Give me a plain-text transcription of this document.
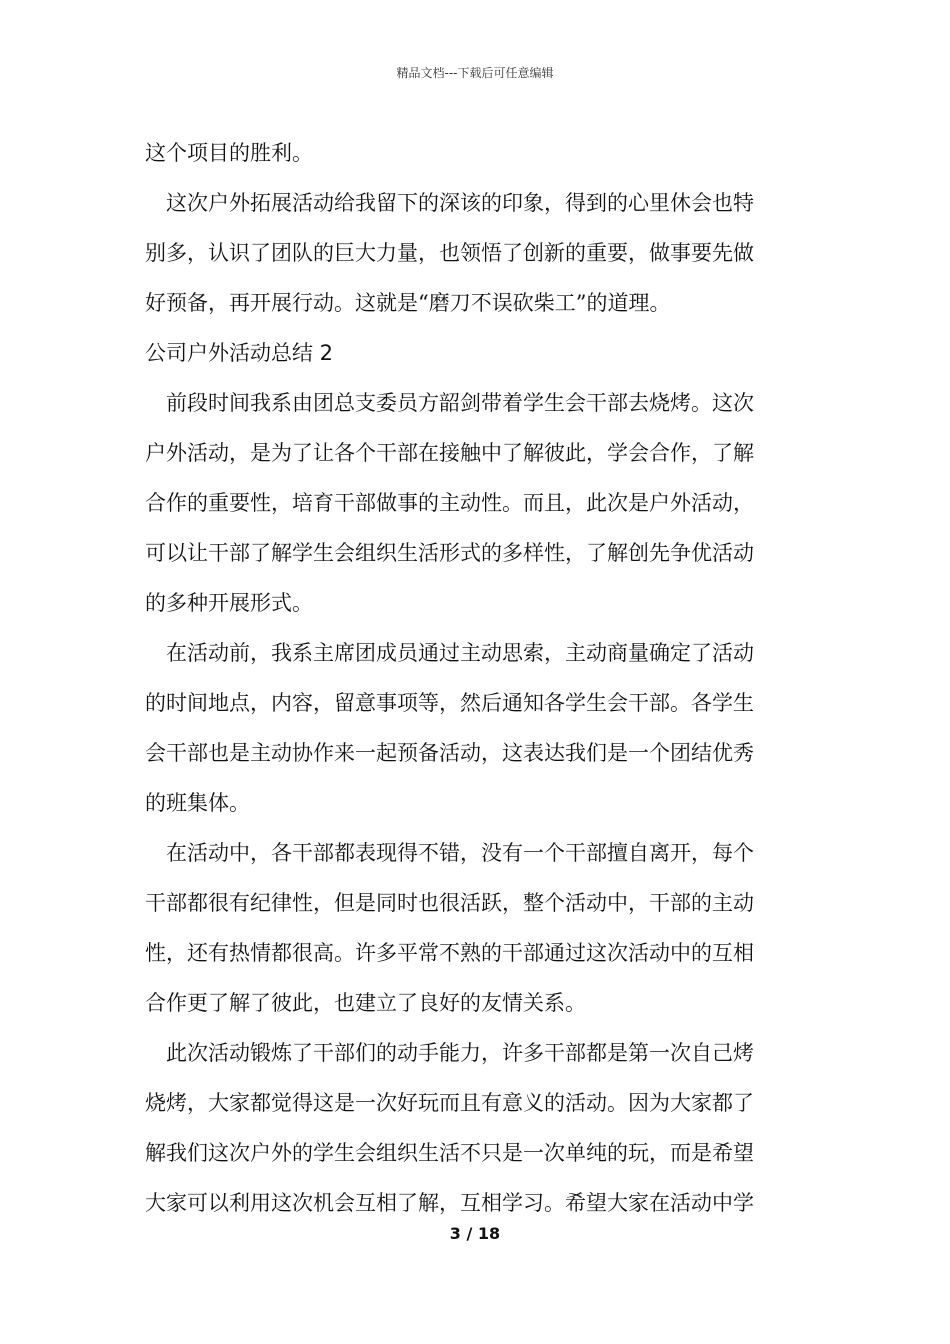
精品文档---下载后可任意编辑
这个项目的胜利。
这次户外拓展活动给我留下的深该的印象，得到的心里休会也特
别多，认识了团队的巨大力量，也领悟了创新的重要，做事要先做
好预备，再开展行动。这就是“磨刀不误砍柴工”的道理。
公司户外活动总结 2
前段时间我系由团总支委员方韶剑带着学生会干部去烧烤。这次
户外活动，是为了让各个干部在接触中了解彼此，学会合作，了解
合作的重要性，培育干部做事的主动性。而且，此次是户外活动，
可以让干部了解学生会组织生活形式的多样性，了解创先争优活动
的多种开展形式。
在活动前，我系主席团成员通过主动思索，主动商量确定了活动
的时间地点，内容，留意事项等，然后通知各学生会干部。各学生
会干部也是主动协作来一起预备活动，这表达我们是一个团结优秀
的班集体。
在活动中，各干部都表现得不错，没有一个干部擅自离开，每个
干部都很有纪律性，但是同时也很活跃，整个活动中，干部的主动
性，还有热情都很高。许多平常不熟的干部通过这次活动中的互相
合作更了解了彼此，也建立了良好的友情关系。
此次活动锻炼了干部们的动手能力，许多干部都是第一次自己烤
烧烤，大家都觉得这是一次好玩而且有意义的活动。因为大家都了
解我们这次户外的学生会组织生活不只是一次单纯的玩，而是希望
大家可以利用这次机会互相了解，互相学习。希望大家在活动中学
3 / 18
